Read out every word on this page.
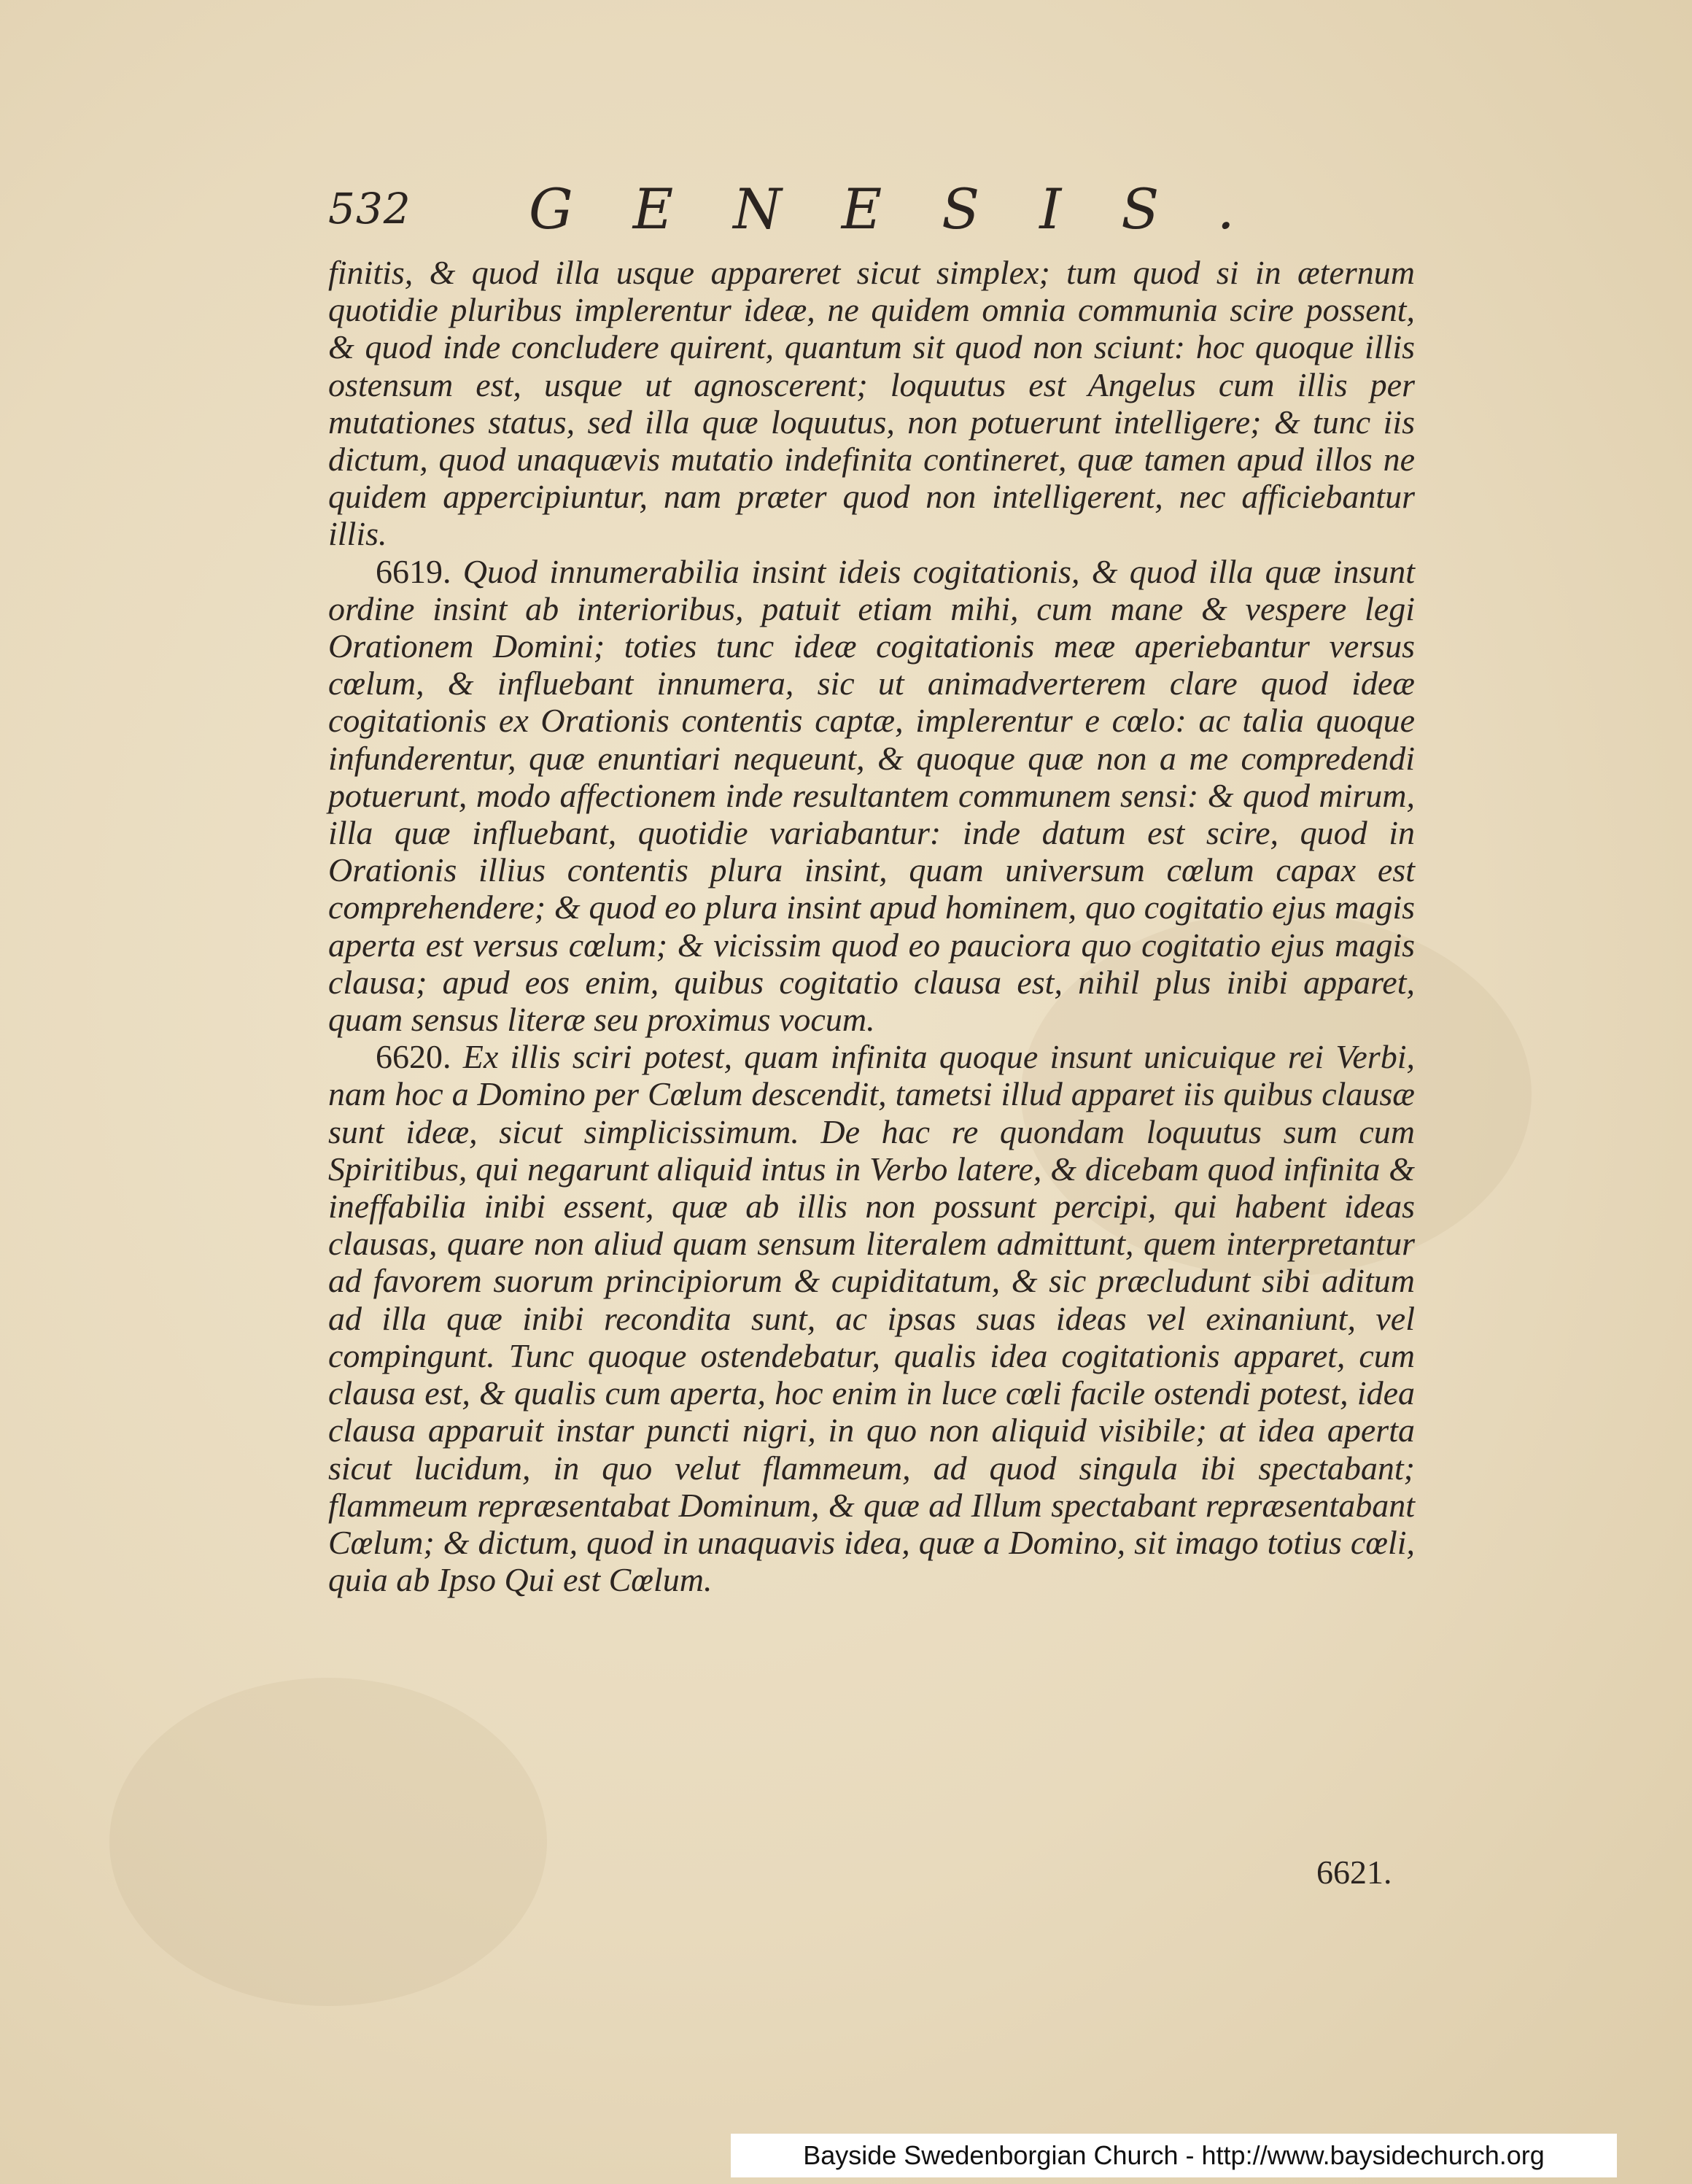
532 GENESIS.

finitis, & quod illa usque appareret sicut simplex; tum quod si in æternum quotidie pluribus implerentur ideæ, ne quidem omnia communia scire possent, & quod inde concludere quirent, quantum sit quod non sciunt: hoc quoque illis ostensum est, usque ut agnoscerent; loquutus est Angelus cum illis per mutationes status, sed illa quæ loquutus, non potuerunt intelligere; & tunc iis dictum, quod unaquævis mutatio indefinita contineret, quæ tamen apud illos ne quidem appercipiuntur, nam præter quod non intelligerent, nec afficiebantur illis.

6619. Quod innumerabilia insint ideis cogitationis, & quod illa quæ insunt ordine insint ab interioribus, patuit etiam mihi, cum mane & vespere legi Orationem Domini; toties tunc ideæ cogitationis meæ aperiebantur versus cœlum, & influebant innumera, sic ut animadverterem clare quod ideæ cogitationis ex Orationis contentis captæ, implerentur e cœlo: ac talia quoque infunderentur, quæ enuntiari nequeunt, & quoque quæ non a me compredendi potuerunt, modo affectionem inde resultantem communem sensi: & quod mirum, illa quæ influebant, quotidie variabantur: inde datum est scire, quod in Orationis illius contentis plura insint, quam universum cœlum capax est comprehendere; & quod eo plura insint apud hominem, quo cogitatio ejus magis aperta est versus cœlum; & vicissim quod eo pauciora quo cogitatio ejus magis clausa; apud eos enim, quibus cogitatio clausa est, nihil plus inibi apparet, quam sensus literæ seu proximus vocum.

6620. Ex illis sciri potest, quam infinita quoque insunt unicuique rei Verbi, nam hoc a Domino per Cœlum descendit, tametsi illud apparet iis quibus clausæ sunt ideæ, sicut simplicissimum. De hac re quondam loquutus sum cum Spiritibus, qui negarunt aliquid intus in Verbo latere, & dicebam quod infinita & ineffabilia inibi essent, quæ ab illis non possunt percipi, qui habent ideas clausas, quare non aliud quam sensum literalem admittunt, quem interpretantur ad favorem suorum principiorum & cupiditatum, & sic præcludunt sibi aditum ad illa quæ inibi recondita sunt, ac ipsas suas ideas vel exinaniunt, vel compingunt. Tunc quoque ostendebatur, qualis idea cogitationis apparet, cum clausa est, & qualis cum aperta, hoc enim in luce cœli facile ostendi potest, idea clausa apparuit instar puncti nigri, in quo non aliquid visibile; at idea aperta sicut lucidum, in quo velut flammeum, ad quod singula ibi spectabant; flammeum repræsentabat Dominum, & quæ ad Illum spectabant repræsentabant Cœlum; & dictum, quod in unaquavis idea, quæ a Domino, sit imago totius cœli, quia ab Ipso Qui est Cœlum.

6621.
Bayside Swedenborgian Church - http://www.baysidechurch.org
